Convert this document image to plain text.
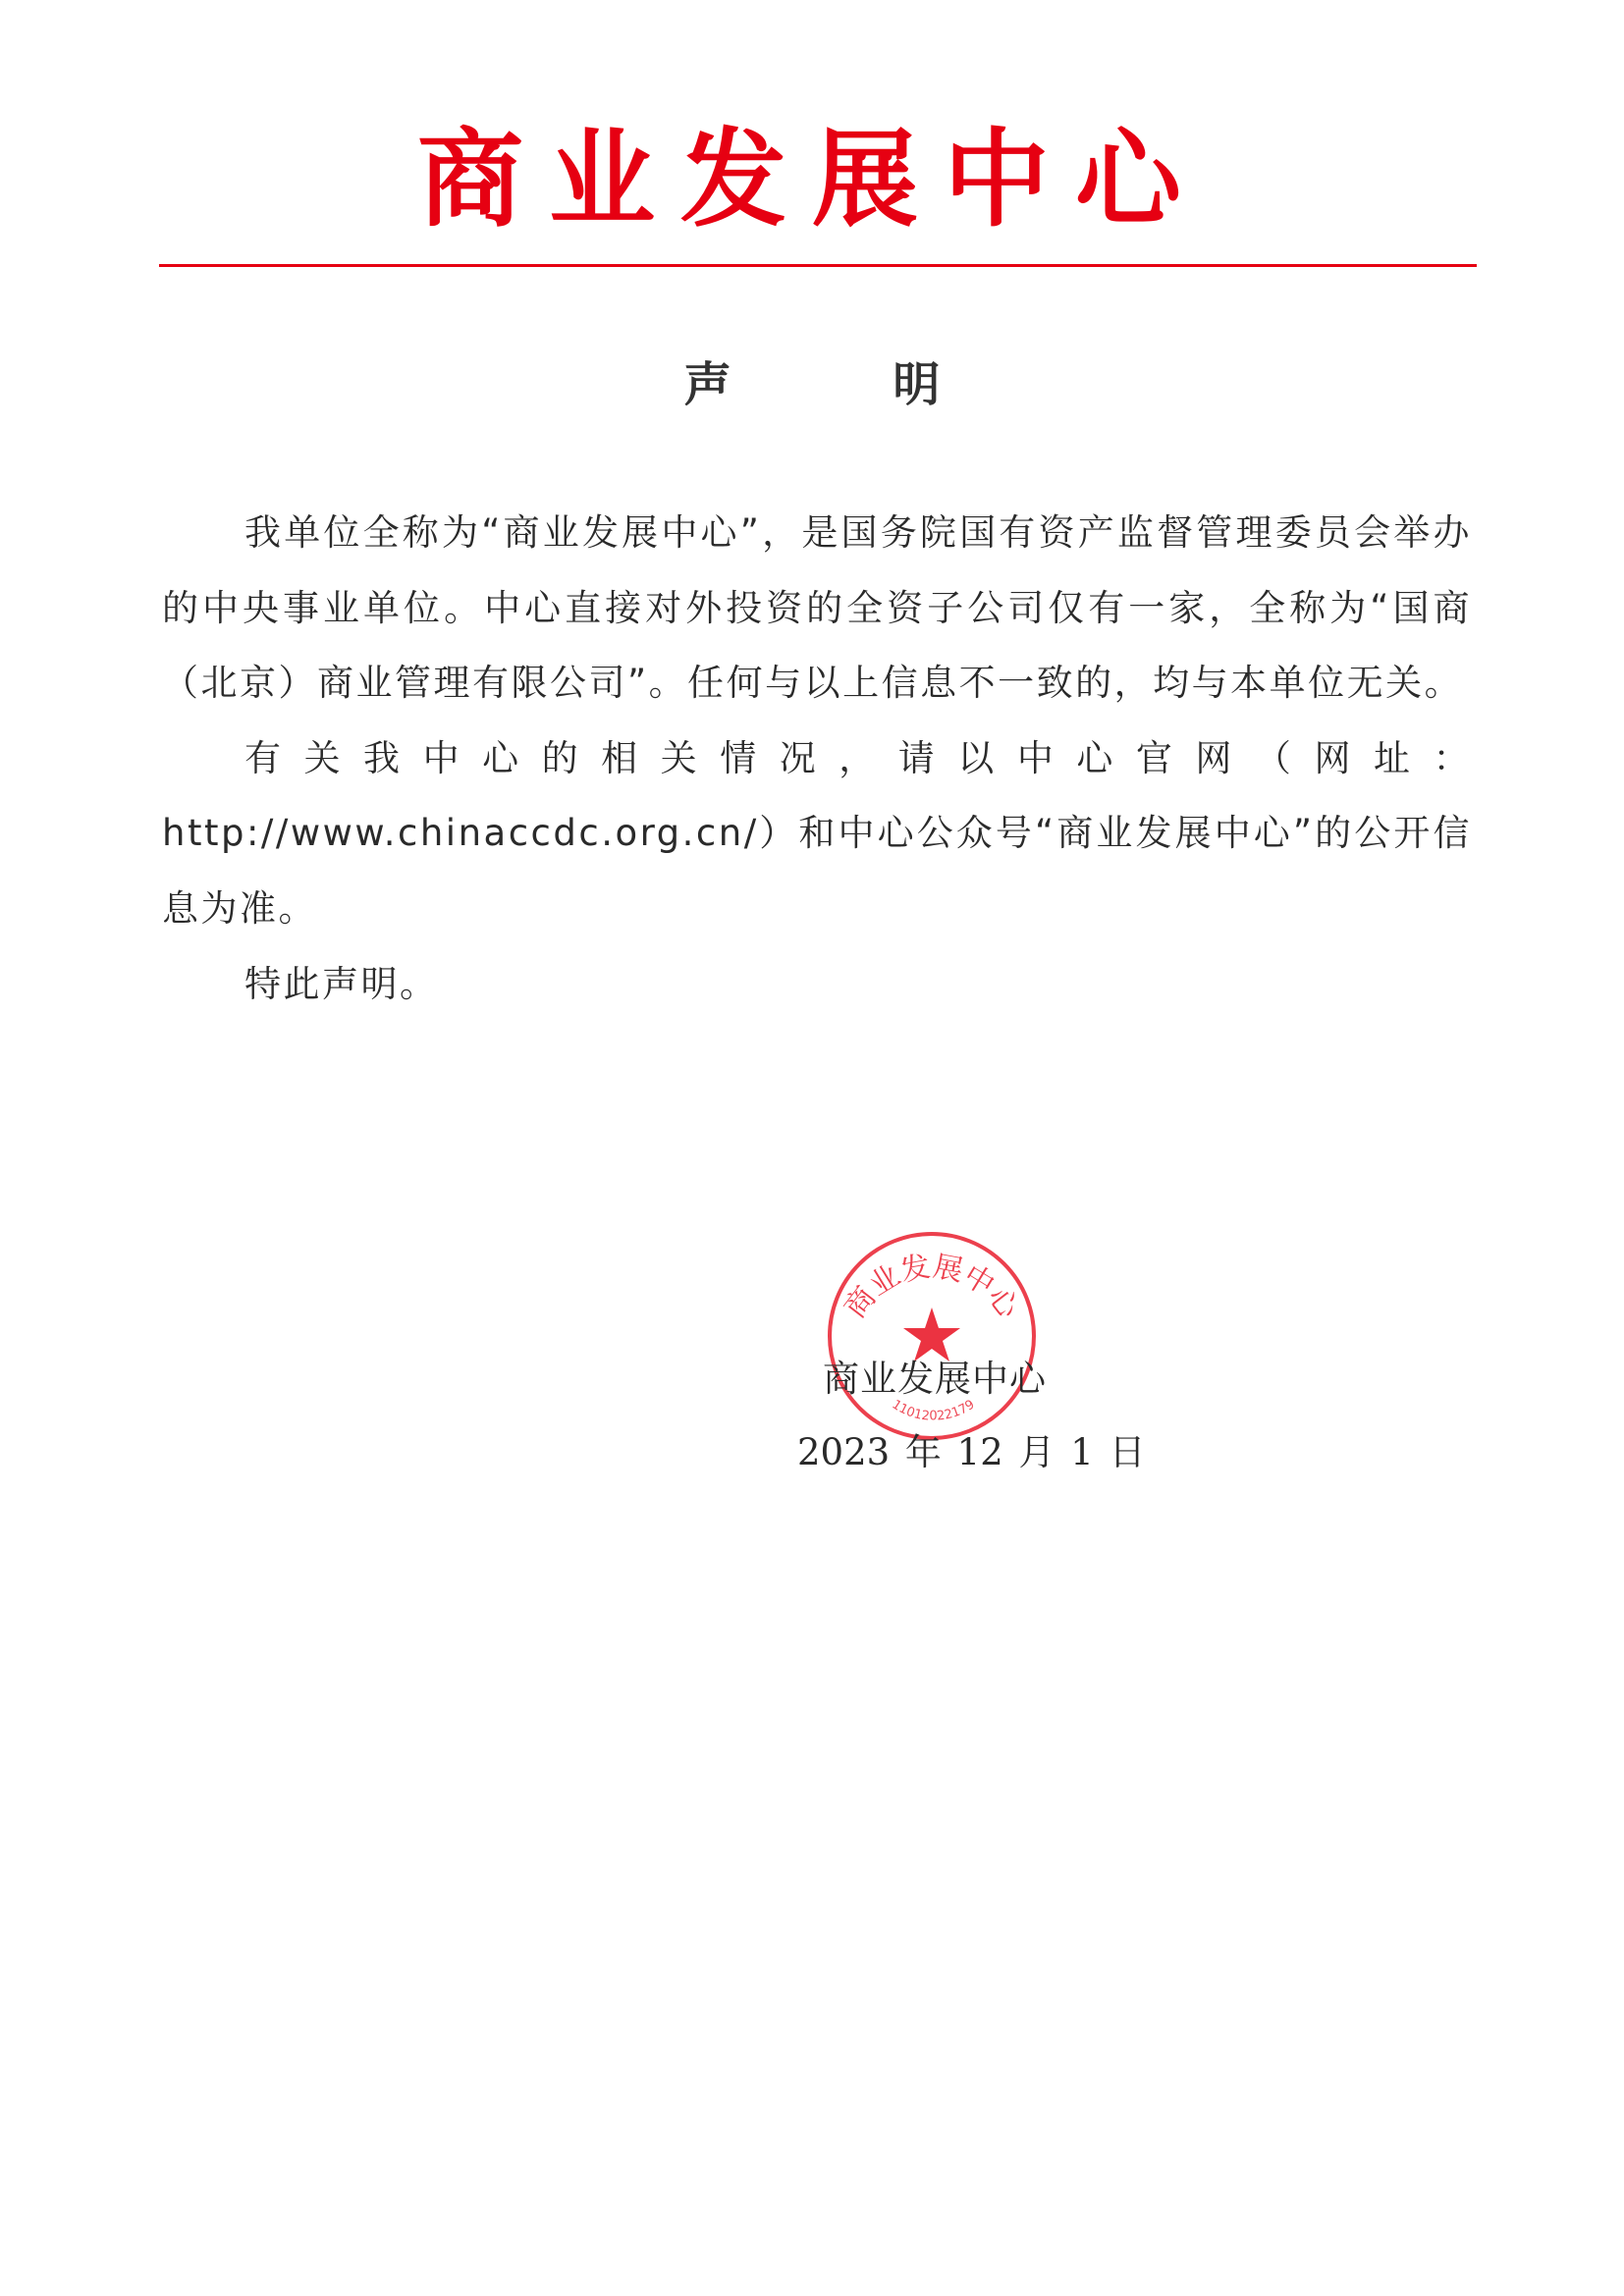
商业发展中心
声 明

我单位全称为“商业发展中心”，是国务院国有资产监督管理委员会举办的中央事业单位。中心直接对外投资的全资子公司仅有一家，全称为“国商（北京）商业管理有限公司”。任何与以上信息不一致的，均与本单位无关。

有关我中心的相关情况，请以中心官网（网址：http://www.chinaccdc.org.cn/）和中心公众号“商业发展中心”的公开信息为准。

特此声明。

商业发展中心
11012022179
商业发展中心
2023 年 12 月 1 日
